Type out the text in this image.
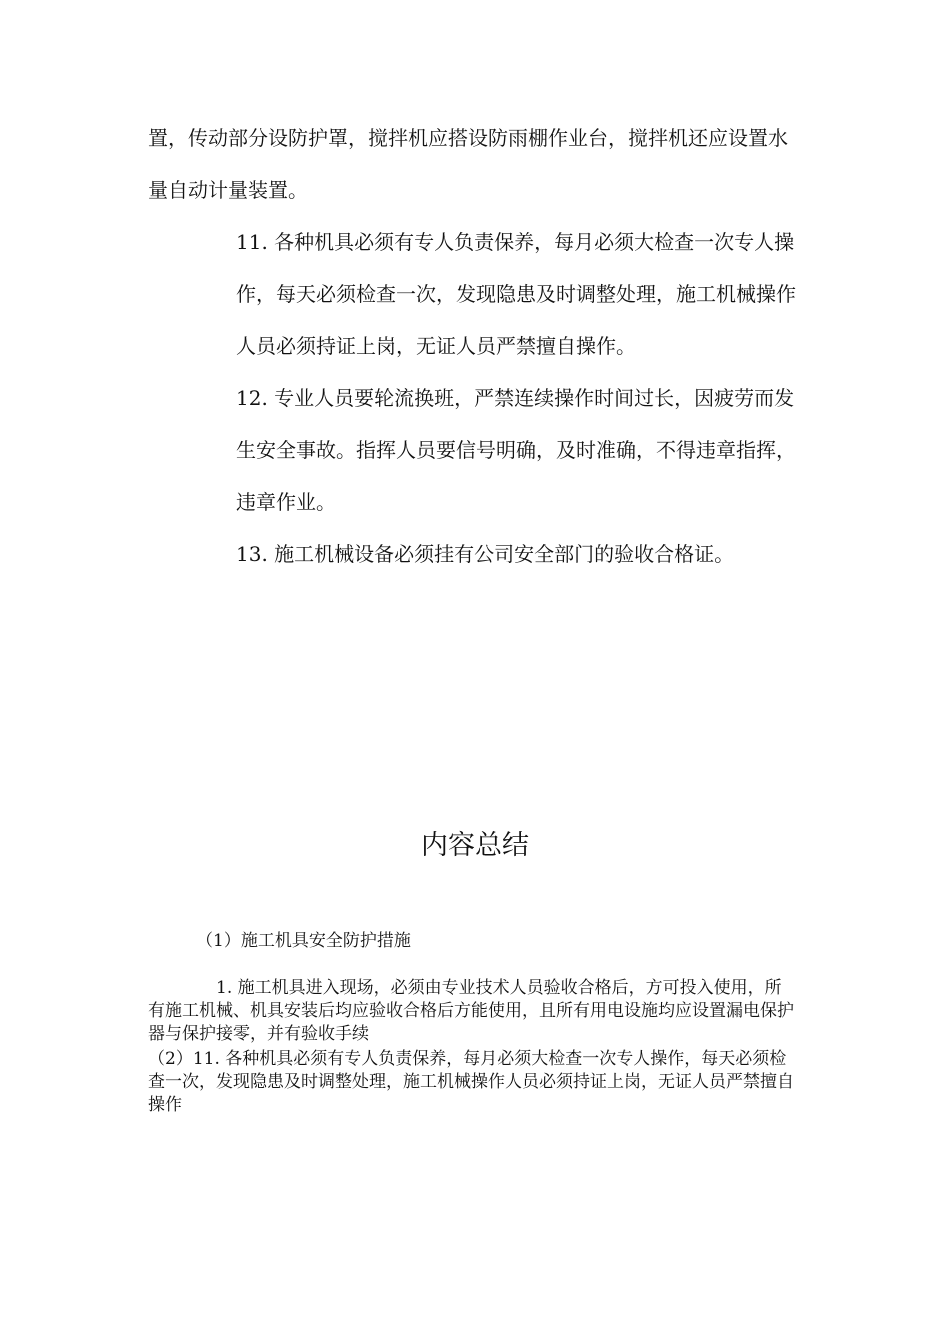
置，传动部分设防护罩，搅拌机应搭设防雨棚作业台，搅拌机还应设置水量自动计量装置。

11. 各种机具必须有专人负责保养，每月必须大检查一次专人操作，每天必须检查一次，发现隐患及时调整处理，施工机械操作人员必须持证上岗，无证人员严禁擅自操作。

12. 专业人员要轮流换班，严禁连续操作时间过长，因疲劳而发生安全事故。指挥人员要信号明确，及时准确，不得违章指挥，违章作业。

13. 施工机械设备必须挂有公司安全部门的验收合格证。

内容总结

（1）施工机具安全防护措施

1. 施工机具进入现场，必须由专业技术人员验收合格后，方可投入使用，所有施工机械、机具安装后均应验收合格后方能使用，且所有用电设施均应设置漏电保护器与保护接零，并有验收手续

（2）11. 各种机具必须有专人负责保养，每月必须大检查一次专人操作，每天必须检查一次，发现隐患及时调整处理，施工机械操作人员必须持证上岗，无证人员严禁擅自操作
